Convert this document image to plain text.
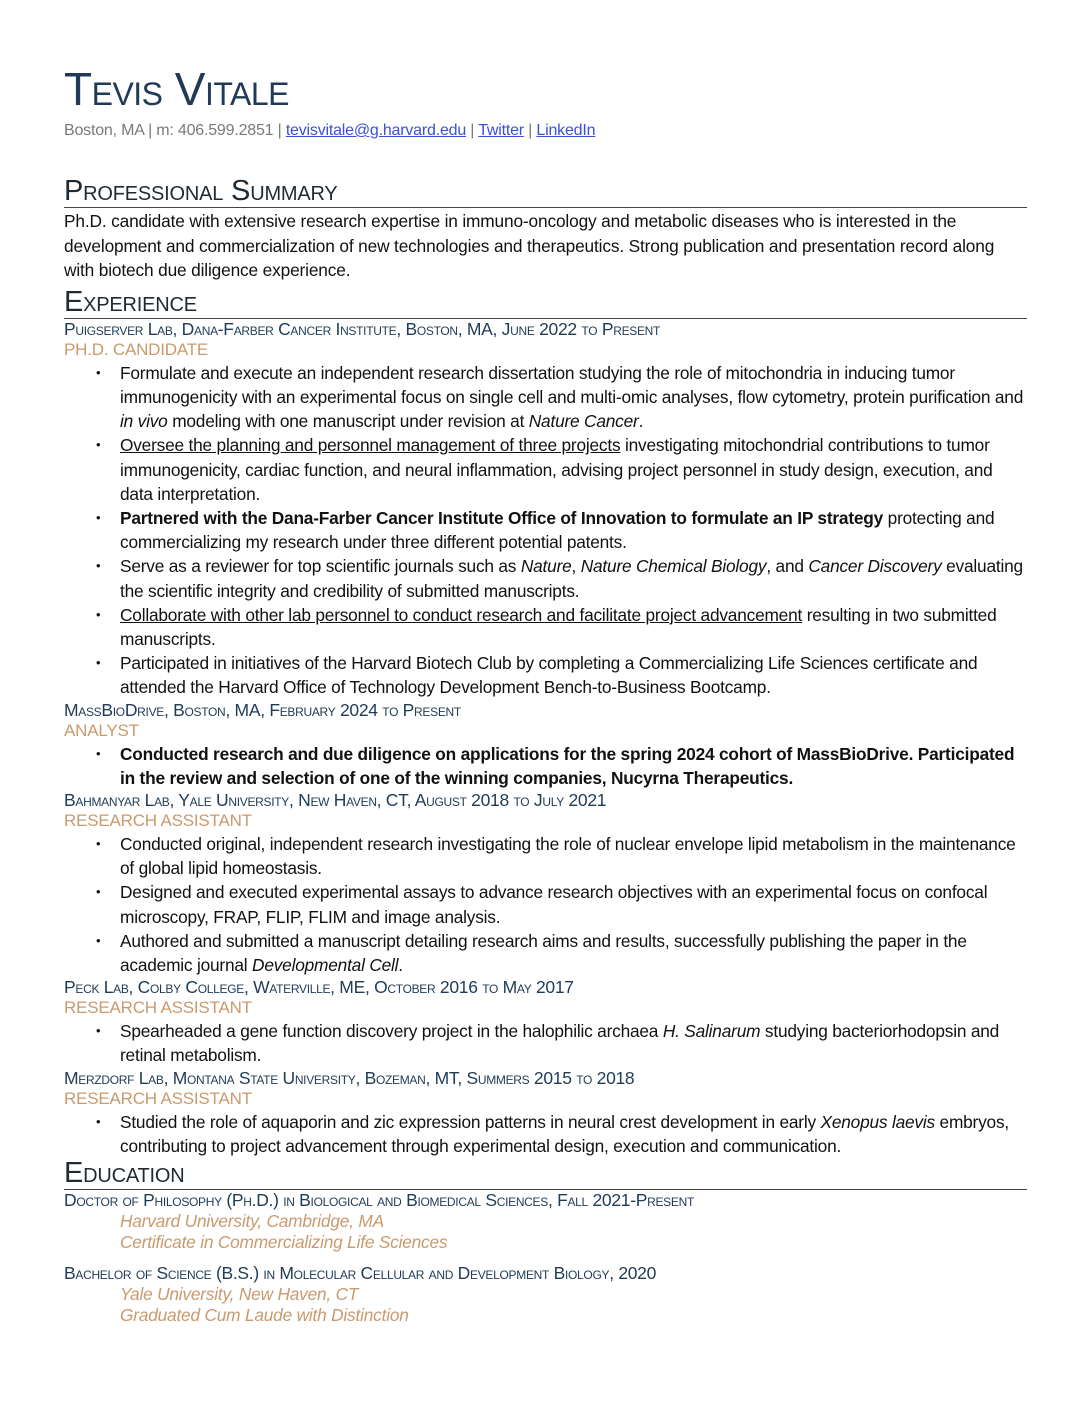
Tevis Vitale
Boston, MA | m: 406.599.2851 | tevisvitale@g.harvard.edu | Twitter | LinkedIn
Professional Summary

Ph.D. candidate with extensive research expertise in immuno-oncology and metabolic diseases who is interested in the development and commercialization of new technologies and therapeutics. Strong publication and presentation record along with biotech due diligence experience.

Experience
Puigserver Lab, Dana-Farber Cancer Institute, Boston, MA, June 2022 to Present
PH.D. CANDIDATE
• Formulate and execute an independent research dissertation studying the role of mitochondria in inducing tumor immunogenicity with an experimental focus on single cell and multi-omic analyses, flow cytometry, protein purification and in vivo modeling with one manuscript under revision at Nature Cancer.
• Oversee the planning and personnel management of three projects investigating mitochondrial contributions to tumor immunogenicity, cardiac function, and neural inflammation, advising project personnel in study design, execution, and data interpretation.
• Partnered with the Dana-Farber Cancer Institute Office of Innovation to formulate an IP strategy protecting and commercializing my research under three different potential patents.
• Serve as a reviewer for top scientific journals such as Nature, Nature Chemical Biology, and Cancer Discovery evaluating the scientific integrity and credibility of submitted manuscripts.
• Collaborate with other lab personnel to conduct research and facilitate project advancement resulting in two submitted manuscripts.
• Participated in initiatives of the Harvard Biotech Club by completing a Commercializing Life Sciences certificate and attended the Harvard Office of Technology Development Bench-to-Business Bootcamp.
MassBioDrive, Boston, MA, February 2024 to Present
ANALYST
• Conducted research and due diligence on applications for the spring 2024 cohort of MassBioDrive. Participated in the review and selection of one of the winning companies, Nucyrna Therapeutics.
Bahmanyar Lab, Yale University, New Haven, CT, August 2018 to July 2021
RESEARCH ASSISTANT
• Conducted original, independent research investigating the role of nuclear envelope lipid metabolism in the maintenance of global lipid homeostasis.
• Designed and executed experimental assays to advance research objectives with an experimental focus on confocal microscopy, FRAP, FLIP, FLIM and image analysis.
• Authored and submitted a manuscript detailing research aims and results, successfully publishing the paper in the academic journal Developmental Cell.
Peck Lab, Colby College, Waterville, ME, October 2016 to May 2017
RESEARCH ASSISTANT
• Spearheaded a gene function discovery project in the halophilic archaea H. Salinarum studying bacteriorhodopsin and retinal metabolism.
Merzdorf Lab, Montana State University, Bozeman, MT, Summers 2015 to 2018
RESEARCH ASSISTANT
• Studied the role of aquaporin and zic expression patterns in neural crest development in early Xenopus laevis embryos, contributing to project advancement through experimental design, execution and communication.
Education
Doctor of Philosophy (Ph.D.) in Biological and Biomedical Sciences, Fall 2021-Present
Harvard University, Cambridge, MA
Certificate in Commercializing Life Sciences
Bachelor of Science (B.S.) in Molecular Cellular and Development Biology, 2020
Yale University, New Haven, CT
Graduated Cum Laude with Distinction
